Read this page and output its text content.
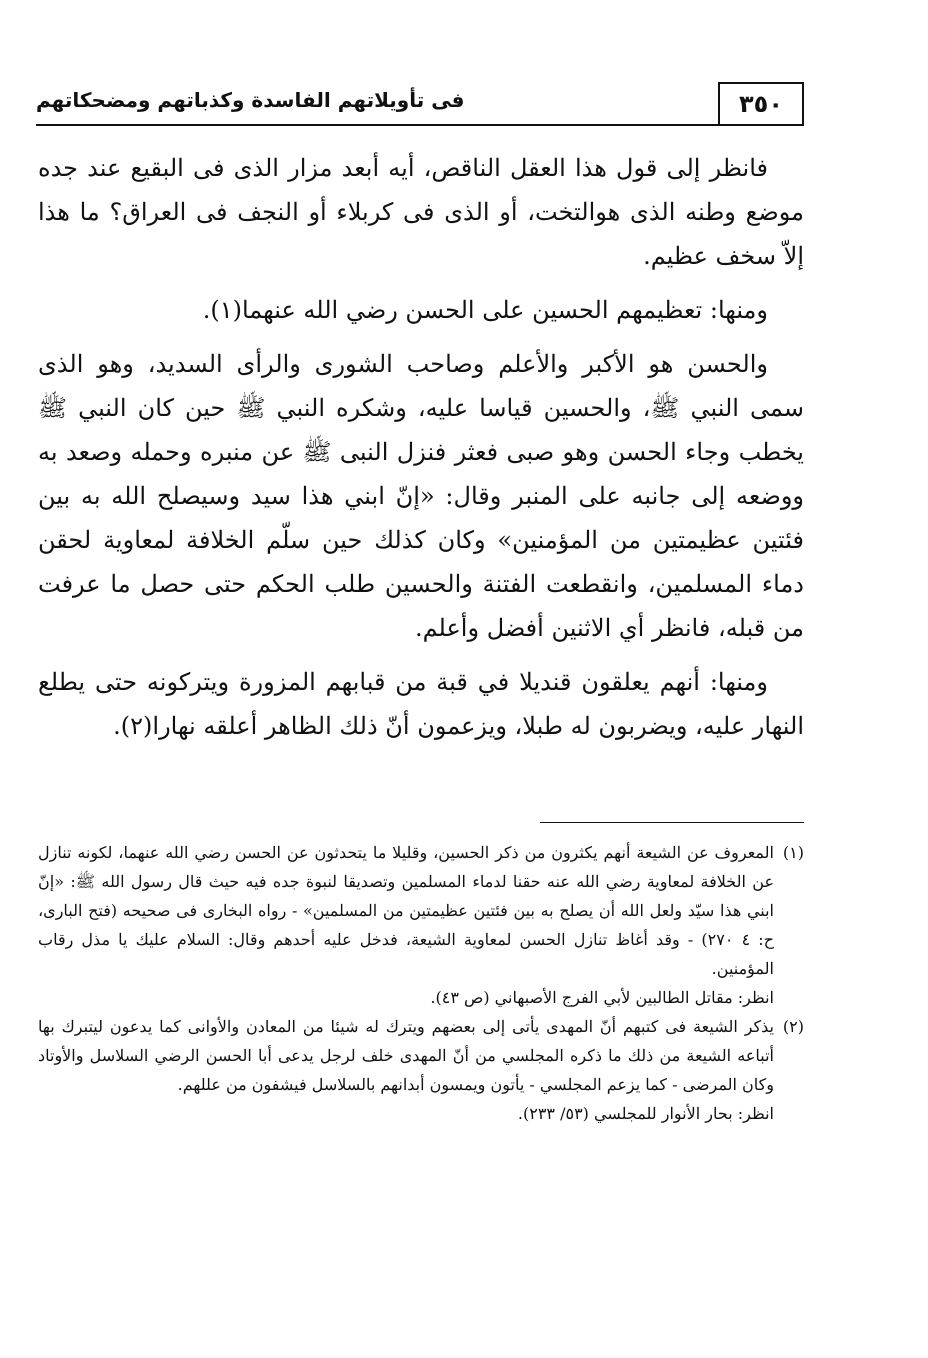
٣٥٠
فى تأويلاتهم الفاسدة وكذباتهم ومضحكاتهم

فانظر إلى قول هذا العقل الناقص، أيه أبعد مزار الذى فى البقيع عند جده موضع وطنه الذى هوالتخت، أو الذى فى كربلاء أو النجف فى العراق؟ ما هذا إلاّ سخف عظيم.

ومنها: تعظيمهم الحسين على الحسن رضي الله عنهما(١).

والحسن هو الأكبر والأعلم وصاحب الشورى والرأى السديد، وهو الذى سمى النبي ﷺ، والحسين قياسا عليه، وشكره النبي ﷺ حين كان النبي ﷺ يخطب وجاء الحسن وهو صبى فعثر فنزل النبى ﷺ عن منبره وحمله وصعد به ووضعه إلى جانبه على المنبر وقال: «إنّ ابني هذا سيد وسيصلح الله به بين فئتين عظيمتين من المؤمنين» وكان كذلك حين سلّم الخلافة لمعاوية لحقن دماء المسلمين، وانقطعت الفتنة والحسين طلب الحكم حتى حصل ما عرفت من قبله، فانظر أي الاثنين أفضل وأعلم.

ومنها: أنهم يعلقون قنديلا في قبة من قبابهم المزورة ويتركونه حتى يطلع النهار عليه، ويضربون له طبلا، ويزعمون أنّ ذلك الظاهر أعلقه نهارا(٢).

(١)

المعروف عن الشيعة أنهم يكثرون من ذكر الحسين، وقليلا ما يتحدثون عن الحسن رضي الله عنهما، لكونه تنازل عن الخلافة لمعاوية رضي الله عنه حقنا لدماء المسلمين وتصديقا لنبوة جده فيه حيث قال رسول الله ﷺ: «إنّ ابني هذا سيّد ولعل الله أن يصلح به بين فئتين عظيمتين من المسلمين» - رواه البخارى فى صحيحه (فتح البارى، ح: ٤ ٢٧٠) - وقد أغاظ تنازل الحسن لمعاوية الشيعة، فدخل عليه أحدهم وقال: السلام عليك يا مذل رقاب المؤمنين.

انظر: مقاتل الطالبين لأبي الفرج الأصبهاني (ص ٤٣).

(٢)

يذكر الشيعة فى كتبهم أنّ المهدى يأتى إلى بعضهم ويترك له شيئا من المعادن والأوانى كما يدعون ليتبرك بها أتباعه الشيعة من ذلك ما ذكره المجلسي من أنّ المهدى خلف لرجل يدعى أبا الحسن الرضي السلاسل والأوتاد وكان المرضى - كما يزعم المجلسي - يأتون ويمسون أبدانهم بالسلاسل فيشفون من عللهم.

انظر: بحار الأنوار للمجلسي (٥٣/ ٢٣٣).
